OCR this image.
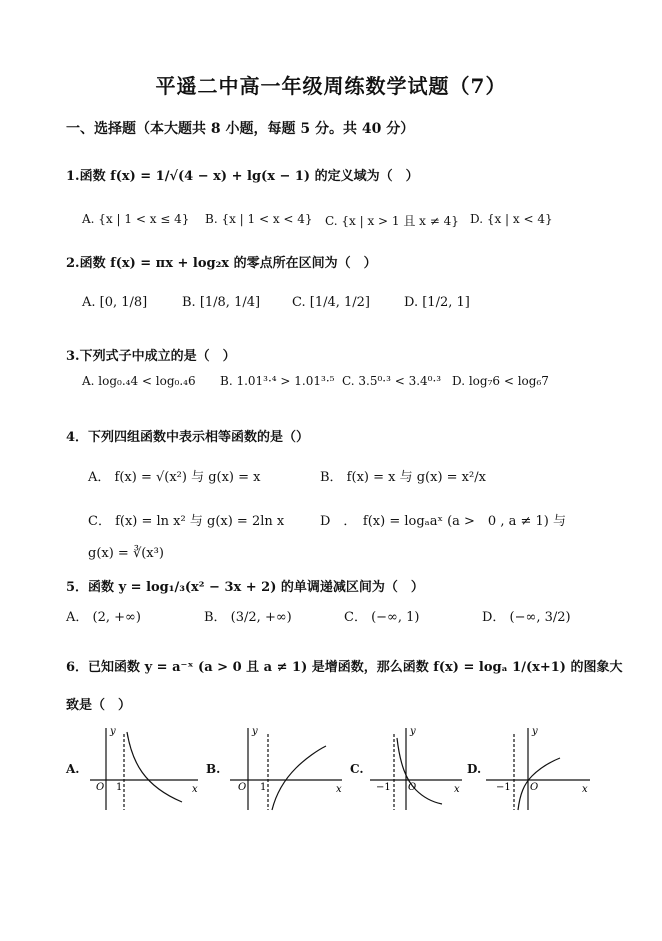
平遥二中高一年级周练数学试题（7）
一、选择题（本大题共 8 小题，每题 5 分。共 40 分）
1.函数 f(x) = 1/√(4 − x) + lg(x − 1) 的定义域为（　）
A. {x | 1 < x ≤ 4} B. {x | 1 < x < 4} C. {x | x > 1 且 x ≠ 4} D. {x | x < 4}
2.函数 f(x) = πx + log₂x 的零点所在区间为（　）
A. [0, 1/8]	B. [1/8, 1/4] C. [1/4, 1/2]	D. [1/2, 1]
3.下列式子中成立的是（　）
A. log₀.₄4 < log₀.₄6 B. 1.01³·⁴ > 1.01³·⁵ C. 3.5⁰·³ < 3.4⁰·³ D. log₇6 < log₆7
4．下列四组函数中表示相等函数的是（）
A． f(x) = √(x²) 与 g(x) = x	B． f(x) = x 与 g(x) = x²/x
C． f(x) = ln x² 与 g(x) = 2ln x	D　．　f(x) = logₐaˣ (a >　0 , a ≠ 1) 与
g(x) = ∛(x³)
5．函数 y = log₁/₃(x² − 3x + 2) 的单调递减区间为（　）
A． (2, +∞)	B． (3/2, +∞)	C． (−∞, 1)	D． (−∞, 3/2)
6．已知函数 y = a⁻ˣ (a > 0 且 a ≠ 1) 是增函数，那么函数 f(x) = logₐ 1/(x+1) 的图象大
致是（　）
A.	B.	C.	D.
y
x
O 1
y
x
O 1
y
x
O
−1
y
x
O
−1
